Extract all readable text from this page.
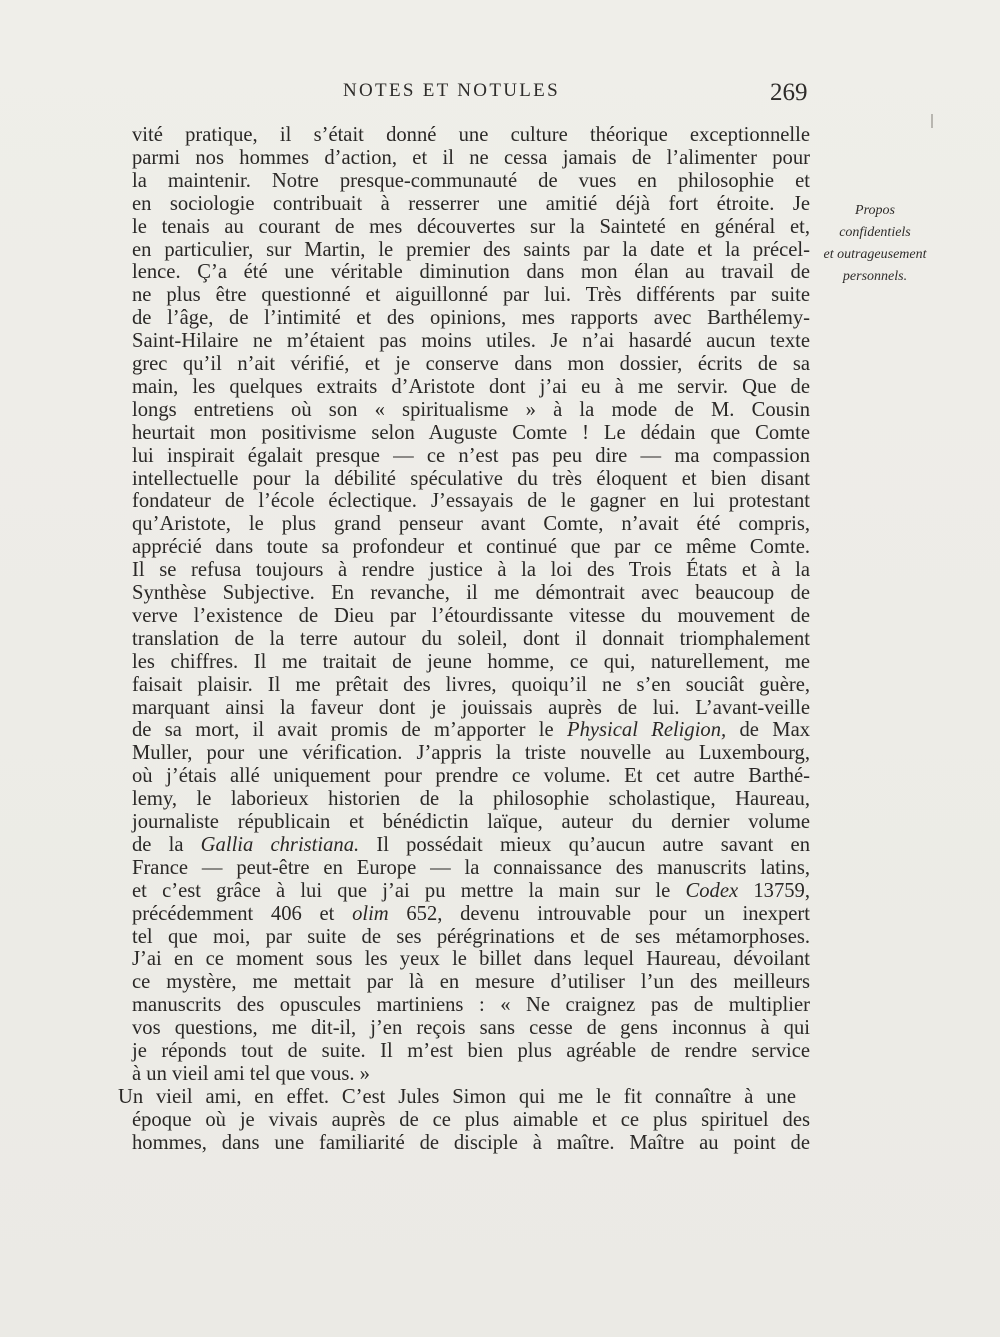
NOTES ET NOTULES	269
Propos
confidentiels
et outrageusement
personnels.
vité pratique, il s’était donné une culture théorique exceptionnelle
parmi nos hommes d’action, et il ne cessa jamais de l’alimenter pour
la maintenir. Notre presque-communauté de vues en philosophie et
en sociologie contribuait à resserrer une amitié déjà fort étroite. Je
le tenais au courant de mes découvertes sur la Sainteté en général et,
en particulier, sur Martin, le premier des saints par la date et la précel-
lence. Ç’a été une véritable diminution dans mon élan au travail de
ne plus être questionné et aiguillonné par lui. Très différents par suite
de l’âge, de l’intimité et des opinions, mes rapports avec Barthélemy-
Saint-Hilaire ne m’étaient pas moins utiles. Je n’ai hasardé aucun texte
grec qu’il n’ait vérifié, et je conserve dans mon dossier, écrits de sa
main, les quelques extraits d’Aristote dont j’ai eu à me servir. Que de
longs entretiens où son « spiritualisme » à la mode de M. Cousin
heurtait mon positivisme selon Auguste Comte ! Le dédain que Comte
lui inspirait égalait presque — ce n’est pas peu dire — ma compassion
intellectuelle pour la débilité spéculative du très éloquent et bien disant
fondateur de l’école éclectique. J’essayais de le gagner en lui protestant
qu’Aristote, le plus grand penseur avant Comte, n’avait été compris,
apprécié dans toute sa profondeur et continué que par ce même Comte.
Il se refusa toujours à rendre justice à la loi des Trois États et à la
Synthèse Subjective. En revanche, il me démontrait avec beaucoup de
verve l’existence de Dieu par l’étourdissante vitesse du mouvement de
translation de la terre autour du soleil, dont il donnait triomphalement
les chiffres. Il me traitait de jeune homme, ce qui, naturellement, me
faisait plaisir. Il me prêtait des livres, quoiqu’il ne s’en souciât guère,
marquant ainsi la faveur dont je jouissais auprès de lui. L’avant-veille
de sa mort, il avait promis de m’apporter le Physical Religion, de Max
Muller, pour une vérification. J’appris la triste nouvelle au Luxembourg,
où j’étais allé uniquement pour prendre ce volume. Et cet autre Barthé-
lemy, le laborieux historien de la philosophie scholastique, Haureau,
journaliste républicain et bénédictin laïque, auteur du dernier volume
de la Gallia christiana. Il possédait mieux qu’aucun autre savant en
France — peut-être en Europe — la connaissance des manuscrits latins,
et c’est grâce à lui que j’ai pu mettre la main sur le Codex 13759,
précédemment 406 et olim 652, devenu introuvable pour un inexpert
tel que moi, par suite de ses pérégrinations et de ses métamorphoses.
J’ai en ce moment sous les yeux le billet dans lequel Haureau, dévoilant
ce mystère, me mettait par là en mesure d’utiliser l’un des meilleurs
manuscrits des opuscules martiniens : « Ne craignez pas de multiplier
vos questions, me dit-il, j’en reçois sans cesse de gens inconnus à qui
je réponds tout de suite. Il m’est bien plus agréable de rendre service
à un vieil ami tel que vous. »
Un vieil ami, en effet. C’est Jules Simon qui me le fit connaître à une
époque où je vivais auprès de ce plus aimable et ce plus spirituel des
hommes, dans une familiarité de disciple à maître. Maître au point de
